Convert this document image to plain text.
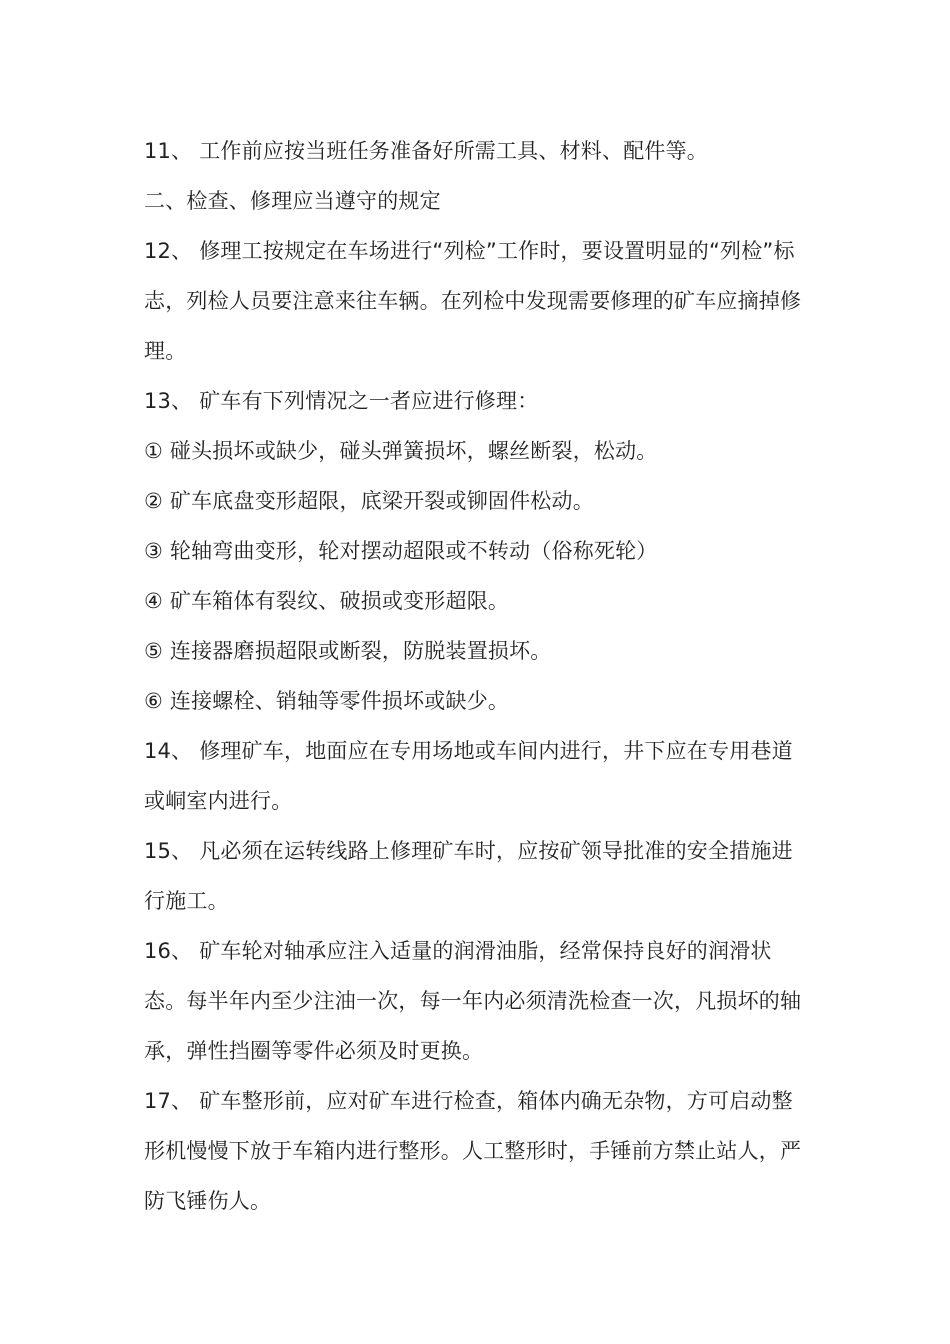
11、 工作前应按当班任务准备好所需工具、材料、配件等。

二、检查、修理应当遵守的规定

12、 修理工按规定在车场进行“列检”工作时，要设置明显的“列检”标志，列检人员要注意来往车辆。在列检中发现需要修理的矿车应摘掉修理。

13、 矿车有下列情况之一者应进行修理：

① 碰头损坏或缺少，碰头弹簧损坏，螺丝断裂，松动。

② 矿车底盘变形超限，底梁开裂或铆固件松动。

③ 轮轴弯曲变形，轮对摆动超限或不转动（俗称死轮）

④ 矿车箱体有裂纹、破损或变形超限。

⑤ 连接器磨损超限或断裂，防脱装置损坏。

⑥ 连接螺栓、销轴等零件损坏或缺少。

14、 修理矿车，地面应在专用场地或车间内进行，井下应在专用巷道或峒室内进行。

15、 凡必须在运转线路上修理矿车时，应按矿领导批准的安全措施进行施工。

16、 矿车轮对轴承应注入适量的润滑油脂，经常保持良好的润滑状态。每半年内至少注油一次，每一年内必须清洗检查一次，凡损坏的轴承，弹性挡圈等零件必须及时更换。

17、 矿车整形前，应对矿车进行检查，箱体内确无杂物，方可启动整形机慢慢下放于车箱内进行整形。人工整形时，手锤前方禁止站人，严防飞锤伤人。
